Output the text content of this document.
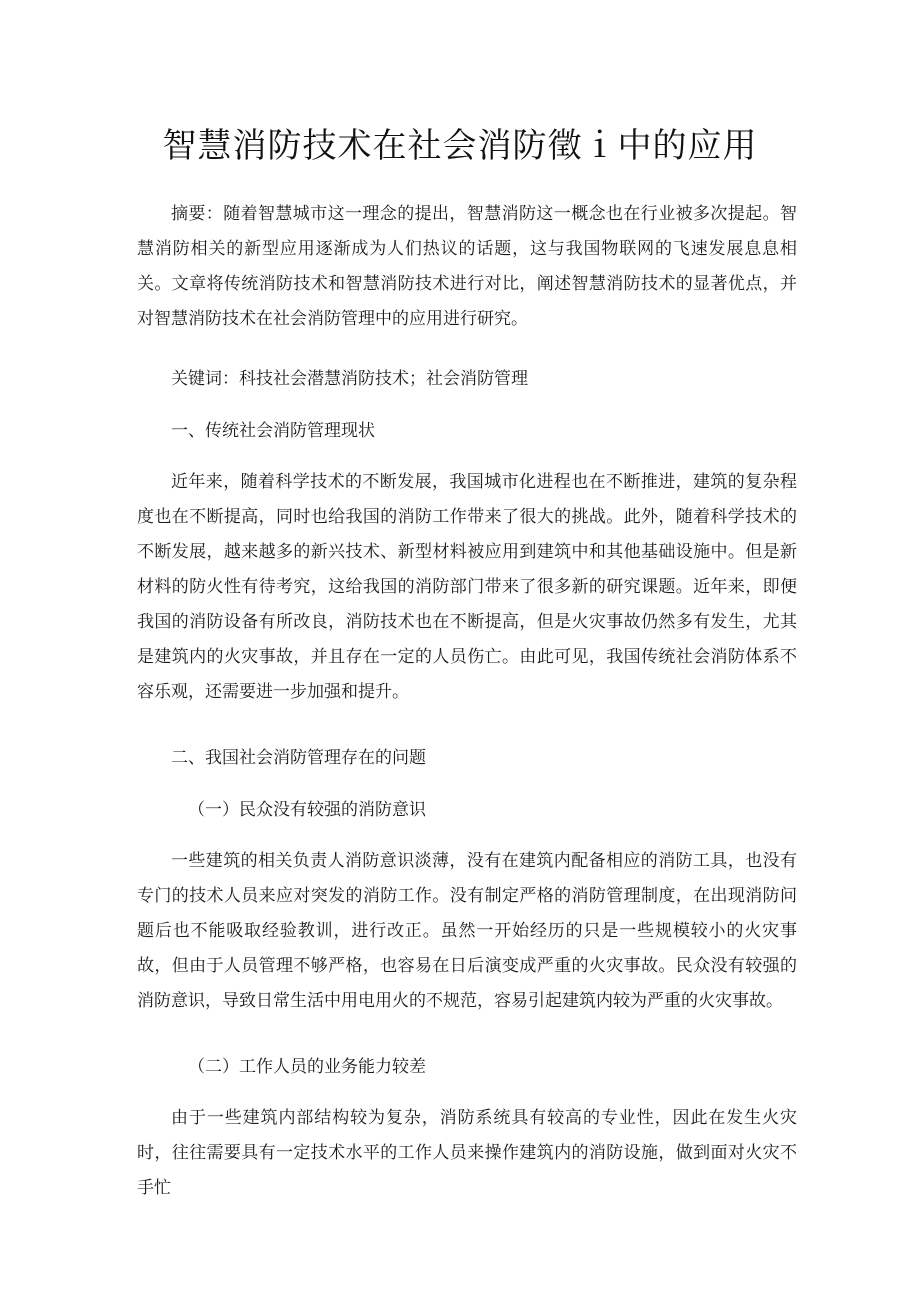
智慧消防技术在社会消防徵ｉ中的应用

摘要：随着智慧城市这一理念的提出，智慧消防这一概念也在行业被多次提起。智慧消防相关的新型应用逐渐成为人们热议的话题，这与我国物联网的飞速发展息息相关。文章将传统消防技术和智慧消防技术进行对比，阐述智慧消防技术的显著优点，并对智慧消防技术在社会消防管理中的应用进行研究。

关键词：科技社会潜慧消防技术；社会消防管理

一、传统社会消防管理现状

近年来，随着科学技术的不断发展，我国城市化进程也在不断推进，建筑的复杂程度也在不断提高，同时也给我国的消防工作带来了很大的挑战。此外，随着科学技术的不断发展，越来越多的新兴技术、新型材料被应用到建筑中和其他基础设施中。但是新材料的防火性有待考究，这给我国的消防部门带来了很多新的研究课题。近年来，即便我国的消防设备有所改良，消防技术也在不断提高，但是火灾事故仍然多有发生，尤其是建筑内的火灾事故，并且存在一定的人员伤亡。由此可见，我国传统社会消防体系不容乐观，还需要进一步加强和提升。

二、我国社会消防管理存在的问题

（一）民众没有较强的消防意识

一些建筑的相关负责人消防意识淡薄，没有在建筑内配备相应的消防工具，也没有专门的技术人员来应对突发的消防工作。没有制定严格的消防管理制度，在出现消防问题后也不能吸取经验教训，进行改正。虽然一开始经历的只是一些规模较小的火灾事故，但由于人员管理不够严格，也容易在日后演变成严重的火灾事故。民众没有较强的消防意识，导致日常生活中用电用火的不规范，容易引起建筑内较为严重的火灾事故。

（二）工作人员的业务能力较差

由于一些建筑内部结构较为复杂，消防系统具有较高的专业性，因此在发生火灾时，往往需要具有一定技术水平的工作人员来操作建筑内的消防设施，做到面对火灾不手忙
